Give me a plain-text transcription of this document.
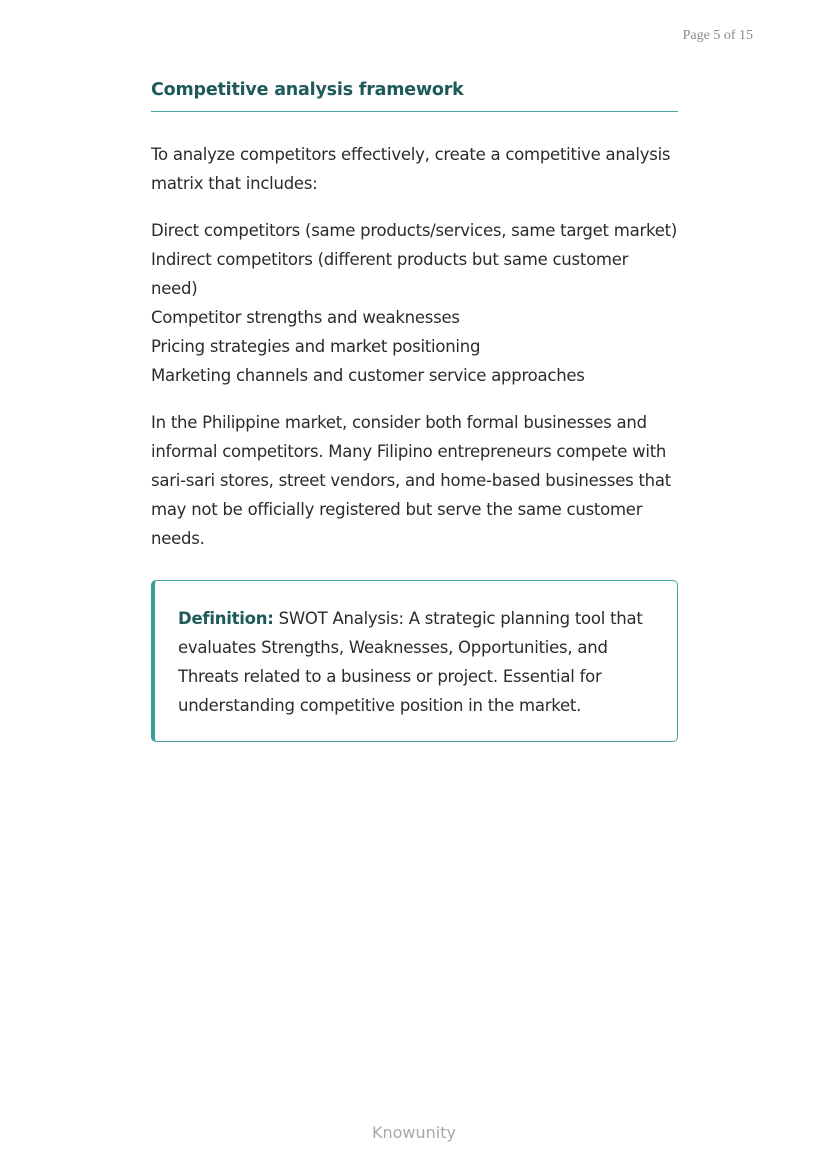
Page 5 of 15
Competitive analysis framework

To analyze competitors effectively, create a competitive analysis matrix that includes:

Direct competitors (same products/services, same target market)
Indirect competitors (different products but same customer need)
Competitor strengths and weaknesses
Pricing strategies and market positioning
Marketing channels and customer service approaches

In the Philippine market, consider both formal businesses and informal competitors. Many Filipino entrepreneurs compete with sari-sari stores, street vendors, and home-based businesses that may not be officially registered but serve the same customer needs.

Definition: SWOT Analysis: A strategic planning tool that evaluates Strengths, Weaknesses, Opportunities, and Threats related to a business or project. Essential for understanding competitive position in the market.

Knowunity
